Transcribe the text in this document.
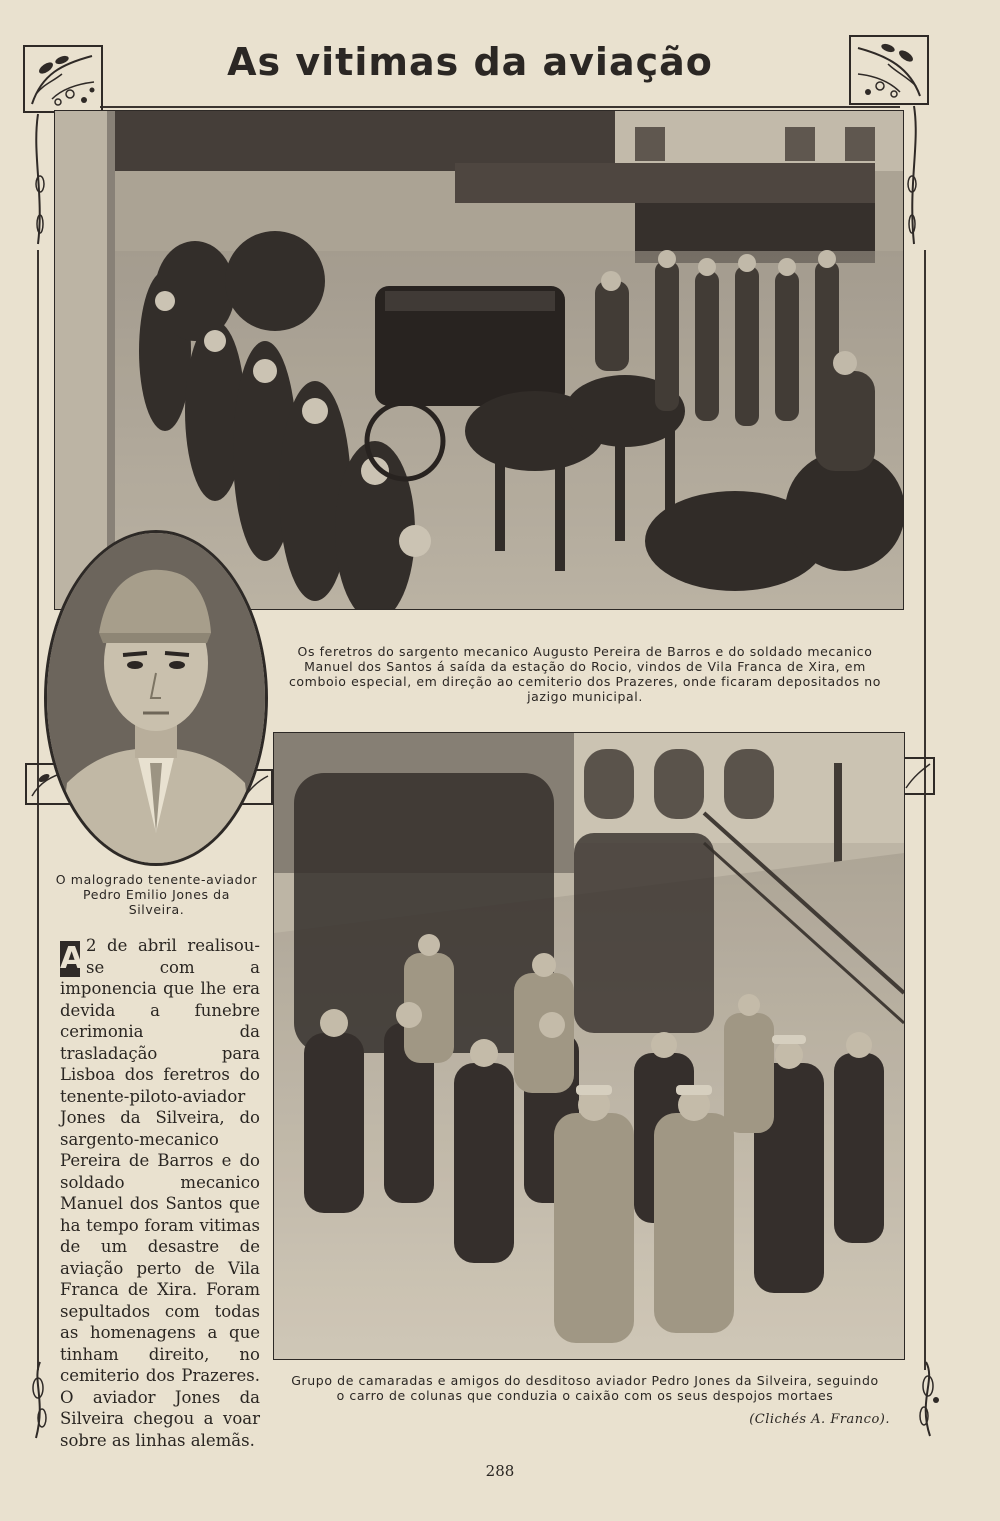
As vitimas da aviação
Os feretros do sargento mecanico Augusto Pereira de Barros e do soldado mecanico Manuel dos Santos á saída da estação do Rocio, vindos de Vila Franca de Xira, em comboio especial, em direção ao cemiterio dos Prazeres, onde ficaram depositados no jazigo municipal.
O malogrado tenente-aviador Pedro Emilio Jones da Silveira.
Grupo de camaradas e amigos do desditoso aviador Pedro Jones da Silveira, seguindo o carro de colunas que conduzia o caixão com os seus despojos mortaes
(Clichés A. Franco).
A 2 de abril realisou-se com a imponencia que lhe era devida a funebre cerimonia da trasladação para Lisboa dos feretros do tenente-piloto-aviador Jones da Silveira, do sargento-mecanico Pereira de Barros e do soldado mecanico Manuel dos Santos que ha tempo foram vitimas de um desastre de aviação perto de Vila Franca de Xira. Foram sepultados com todas as homenagens a que tinham direito, no cemiterio dos Prazeres. O aviador Jones da Silveira chegou a voar sobre as linhas alemãs.
288
